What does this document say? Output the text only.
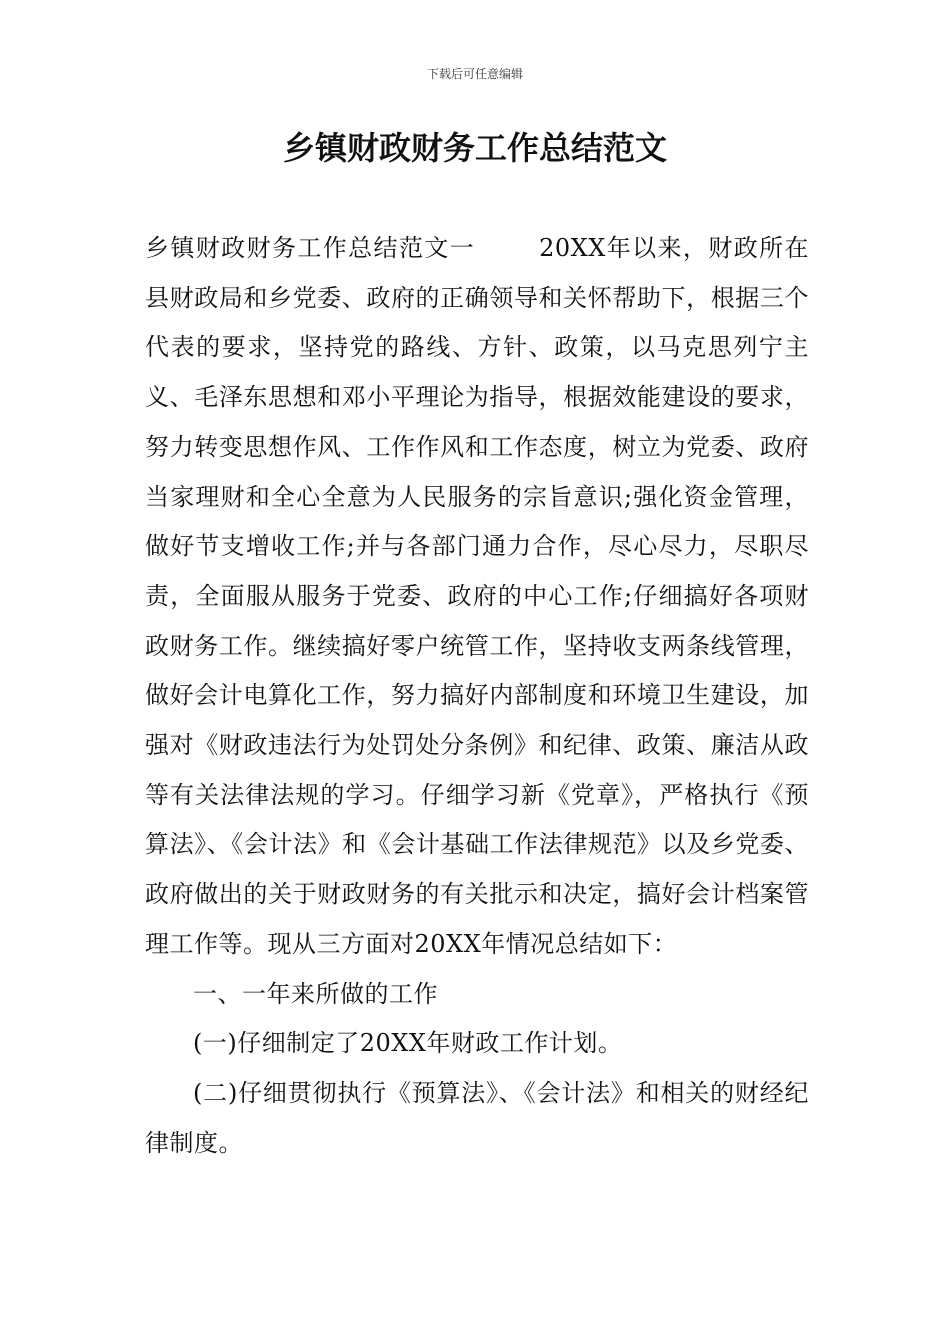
下载后可任意编辑
乡镇财政财务工作总结范文

乡镇财政财务工作总结范文一	20XX年以来，财政所在县财政局和乡党委、政府的正确领导和关怀帮助下，根据三个代表的要求，坚持党的路线、方针、政策，以马克思列宁主义、毛泽东思想和邓小平理论为指导，根据效能建设的要求，努力转变思想作风、工作作风和工作态度，树立为党委、政府当家理财和全心全意为人民服务的宗旨意识;强化资金管理，做好节支增收工作;并与各部门通力合作，尽心尽力，尽职尽责，全面服从服务于党委、政府的中心工作;仔细搞好各项财政财务工作。继续搞好零户统管工作，坚持收支两条线管理，做好会计电算化工作，努力搞好内部制度和环境卫生建设，加强对《财政违法行为处罚处分条例》和纪律、政策、廉洁从政等有关法律法规的学习。仔细学习新《党章》，严格执行《预算法》、《会计法》和《会计基础工作法律规范》以及乡党委、政府做出的关于财政财务的有关批示和决定，搞好会计档案管理工作等。现从三方面对20XX年情况总结如下：

一、一年来所做的工作

(一)仔细制定了20XX年财政工作计划。

(二)仔细贯彻执行《预算法》、《会计法》和相关的财经纪律制度。
